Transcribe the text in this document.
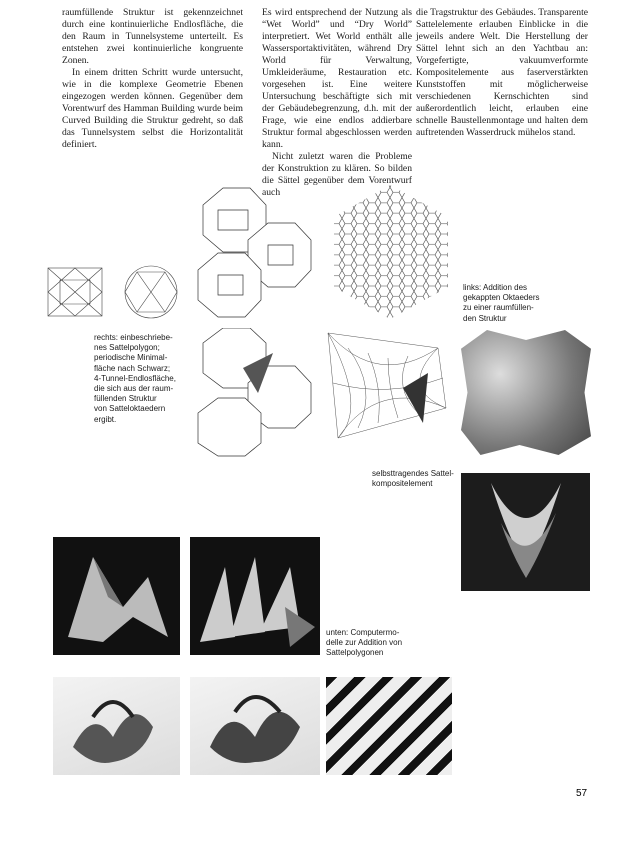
raumfüllende Struktur ist gekennzeichnet durch eine kontinuierliche Endlosfläche, die den Raum in Tunnelsysteme unterteilt. Es entstehen zwei kontinuierliche kongruente Zonen.

In einem dritten Schritt wurde untersucht, wie in die komplexe Geometrie Ebenen eingezogen werden können. Gegenüber dem Vorentwurf des Hamman Building wurde beim Curved Building die Struktur gedreht, so daß das Tunnelsystem selbst die Horizontalität definiert.

Es wird entsprechend der Nutzung als “Wet World” und “Dry World” interpretiert. Wet World enthält alle Wassersportaktivitäten, während Dry World für Verwaltung, Umkleideräume, Restauration etc. vorgesehen ist. Eine weitere Untersuchung beschäftigte sich mit der Gebäudebegrenzung, d.h. mit der Frage, wie eine endlos addierbare Struktur formal abgeschlossen werden kann.

Nicht zuletzt waren die Probleme der Konstruktion zu klären. So bilden die Sättel gegenüber dem Vorentwurf auch

die Tragstruktur des Gebäudes. Transparente Sattelelemente erlauben Einblicke in die jeweils andere Welt. Die Herstellung der Sättel lehnt sich an den Yachtbau an: Vorgefertigte, vakuumverformte Kompositelemente aus faserverstärkten Kunststoffen mit möglicherweise verschiedenen Kernschichten sind außerordentlich leicht, erlauben eine schnelle Baustellenmontage und halten dem auftretenden Wasserdruck mühelos stand.

rechts: einbeschriebe-
nes Sattelpolygon;
periodische Minimal-
fläche nach Schwarz;
4-Tunnel-Endlosfläche,
die sich aus der raum-
füllenden Struktur
von Satteloktaedern
ergibt.
links: Addition des
gekappten Oktaeders
zu einer raumfüllen-
den Struktur
selbsttragendes Sattel-
kompositelement
unten: Computermo-
delle zur Addition von
Sattelpolygonen
57
